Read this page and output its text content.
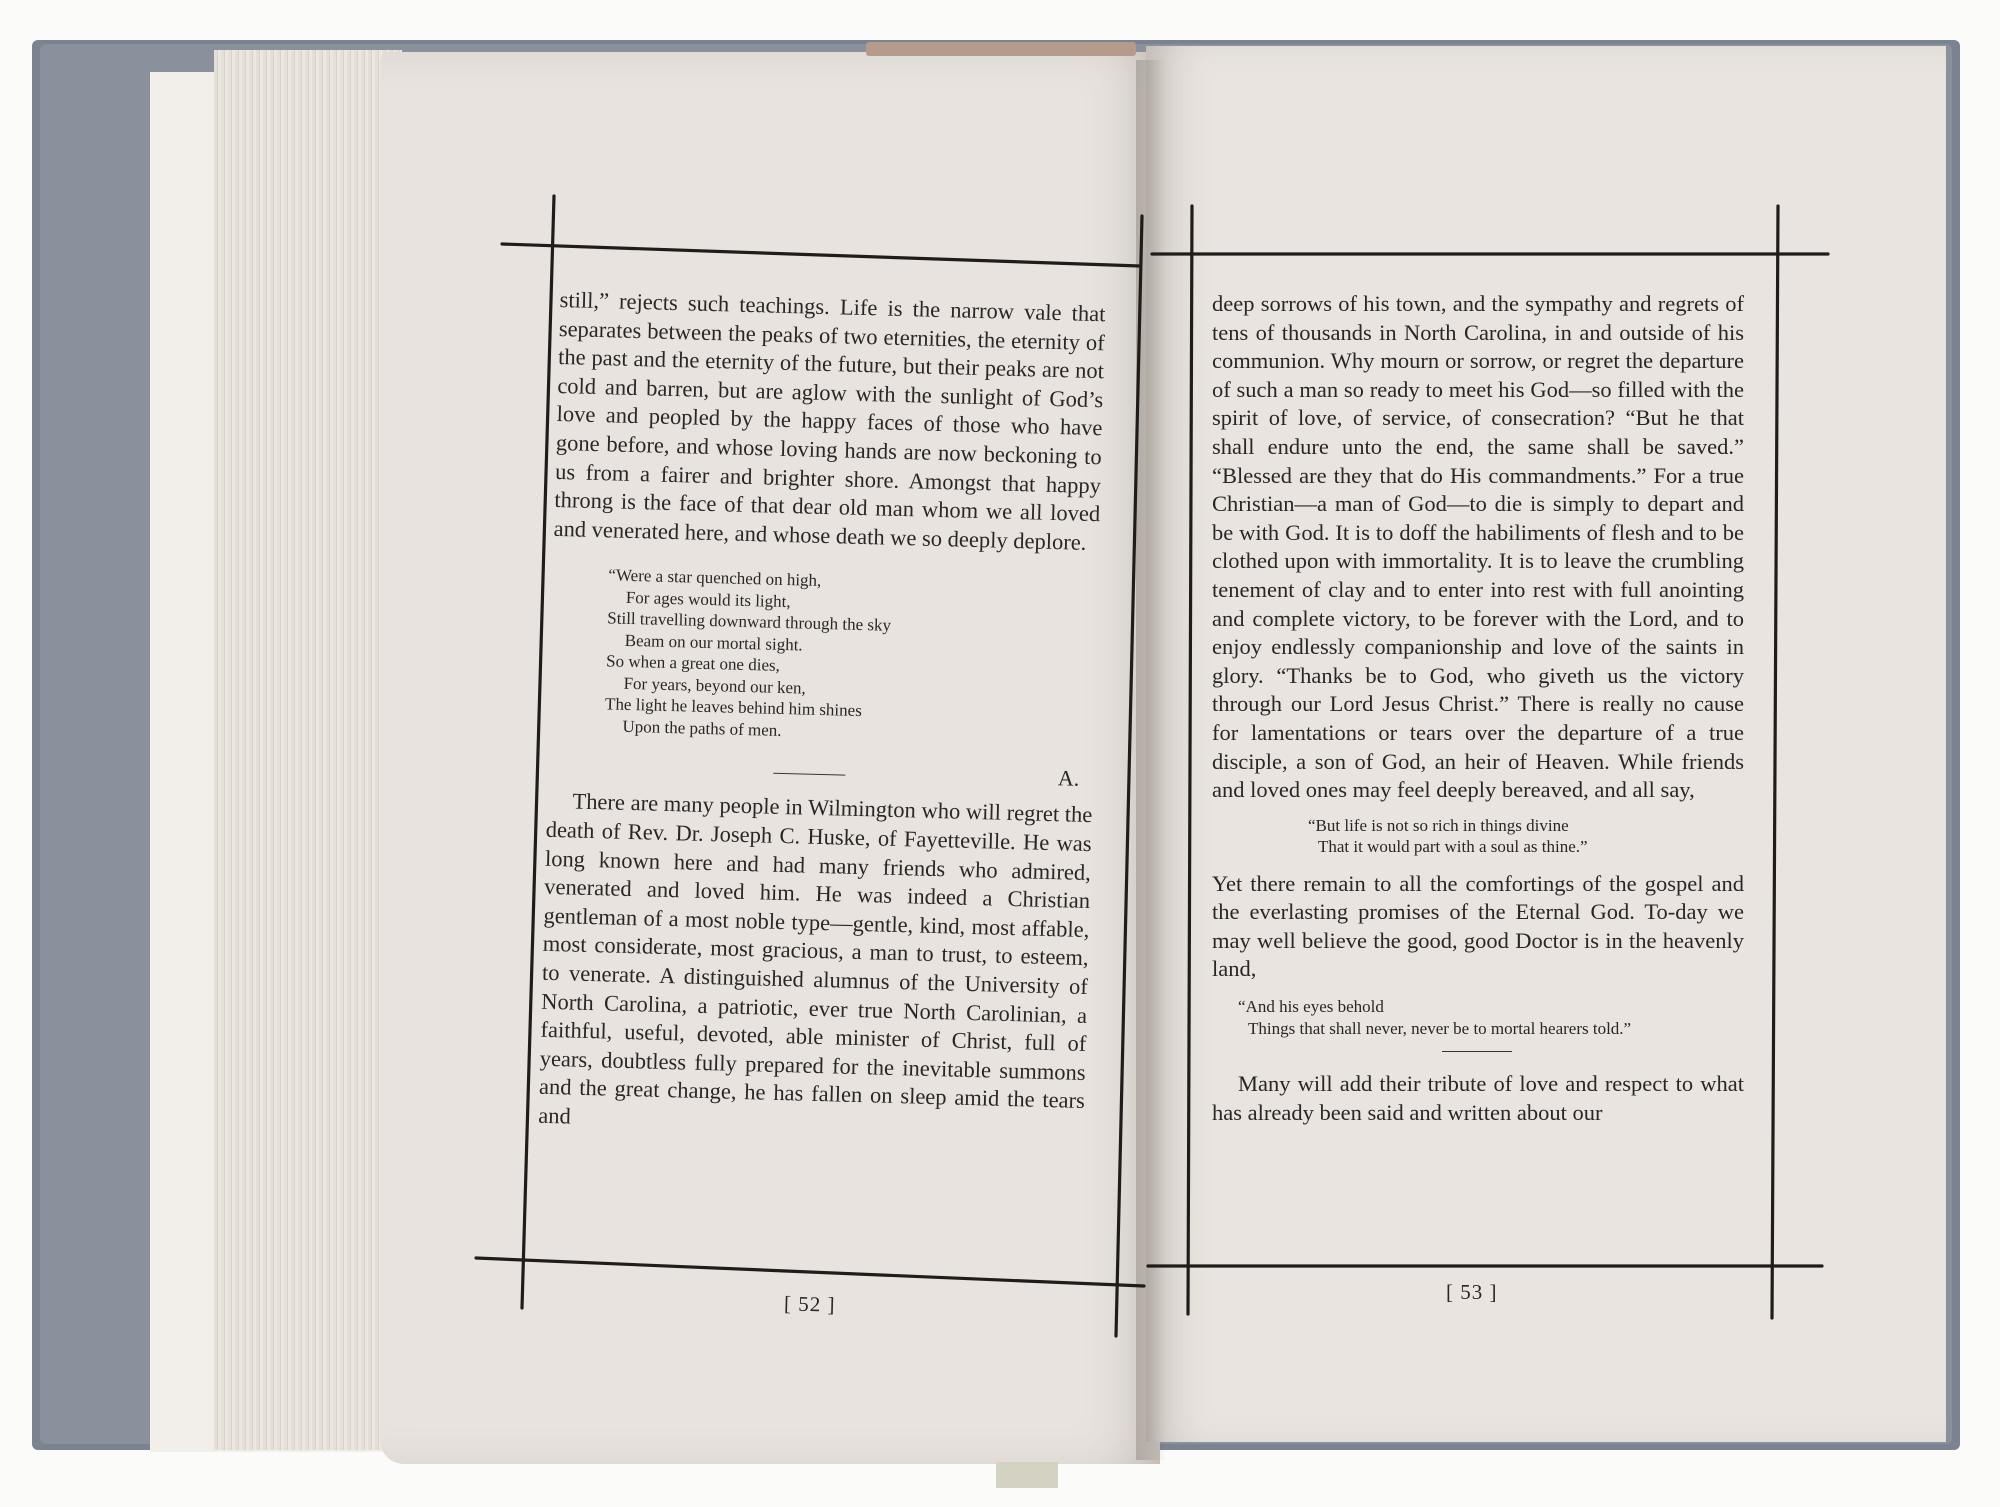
still,” rejects such teachings. Life is the narrow vale that separates between the peaks of two eternities, the eternity of the past and the eternity of the future, but their peaks are not cold and barren, but are aglow with the sunlight of God’s love and peopled by the happy faces of those who have gone before, and whose loving hands are now beckoning to us from a fairer and brighter shore. Amongst that happy throng is the face of that dear old man whom we all loved and venerated here, and whose death we so deeply deplore.

“Were a star quenched on high,
For ages would its light,
Still travelling downward through the sky
Beam on our mortal sight.
So when a great one dies,
For years, beyond our ken,
The light he leaves behind him shines
Upon the paths of men.
A.

There are many people in Wilmington who will regret the death of Rev. Dr. Joseph C. Huske, of Fayetteville. He was long known here and had many friends who admired, venerated and loved him. He was indeed a Christian gentleman of a most noble type—gentle, kind, most affable, most considerate, most gracious, a man to trust, to esteem, to venerate. A distinguished alumnus of the University of North Carolina, a patriotic, ever true North Carolinian, a faithful, useful, devoted, able minister of Christ, full of years, doubtless fully prepared for the inevitable summons and the great change, he has fallen on sleep amid the tears and

[ 52 ]

deep sorrows of his town, and the sympathy and regrets of tens of thousands in North Carolina, in and outside of his communion. Why mourn or sorrow, or regret the departure of such a man so ready to meet his God—so filled with the spirit of love, of service, of consecration? “But he that shall endure unto the end, the same shall be saved.” “Blessed are they that do His commandments.” For a true Christian—a man of God—to die is simply to depart and be with God. It is to doff the habiliments of flesh and to be clothed upon with immortality. It is to leave the crumbling tenement of clay and to enter into rest with full anointing and complete victory, to be forever with the Lord, and to enjoy endlessly companionship and love of the saints in glory. “Thanks be to God, who giveth us the victory through our Lord Jesus Christ.” There is really no cause for lamentations or tears over the departure of a true disciple, a son of God, an heir of Heaven. While friends and loved ones may feel deeply bereaved, and all say,

“But life is not so rich in things divine
That it would part with a soul as thine.”

Yet there remain to all the comfortings of the gospel and the everlasting promises of the Eternal God. To-day we may well believe the good, good Doctor is in the heavenly land,

“And his eyes behold
Things that shall never, never be to mortal hearers told.”

Many will add their tribute of love and respect to what has already been said and written about our

[ 53 ]
